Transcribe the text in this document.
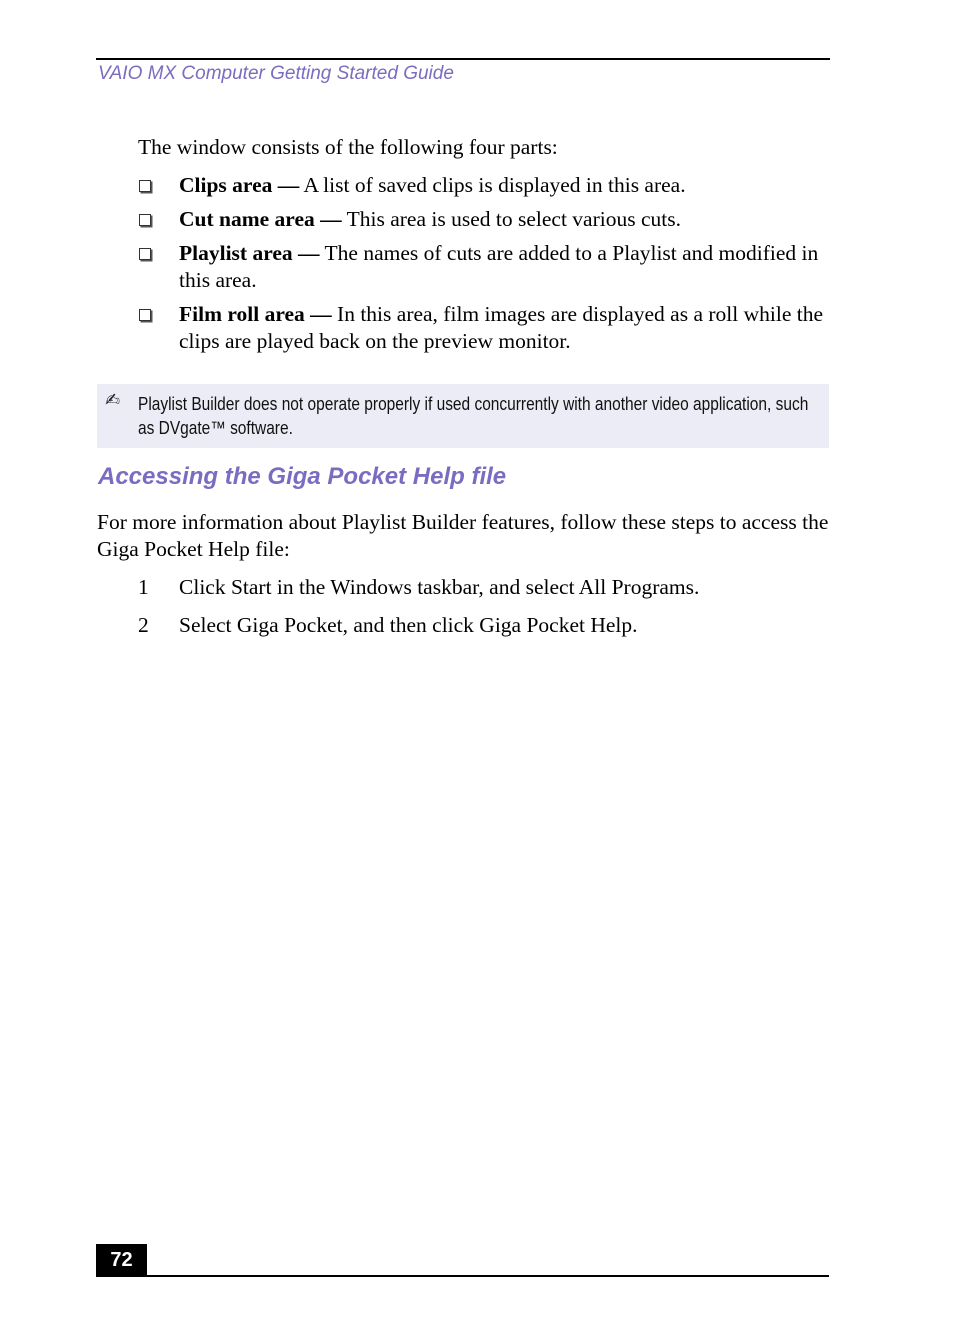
VAIO MX Computer Getting Started Guide
The window consists of the following four parts:
Clips area — A list of saved clips is displayed in this area.
Cut name area — This area is used to select various cuts.
Playlist area — The names of cuts are added to a Playlist and modified in this area.
Film roll area — In this area, film images are displayed as a roll while the clips are played back on the preview monitor.
✍ Playlist Builder does not operate properly if used concurrently with another video application, such as DVgate™ software.
Accessing the Giga Pocket Help file
For more information about Playlist Builder features, follow these steps to access the Giga Pocket Help file:
1 Click Start in the Windows taskbar, and select All Programs.
2 Select Giga Pocket, and then click Giga Pocket Help.
72
